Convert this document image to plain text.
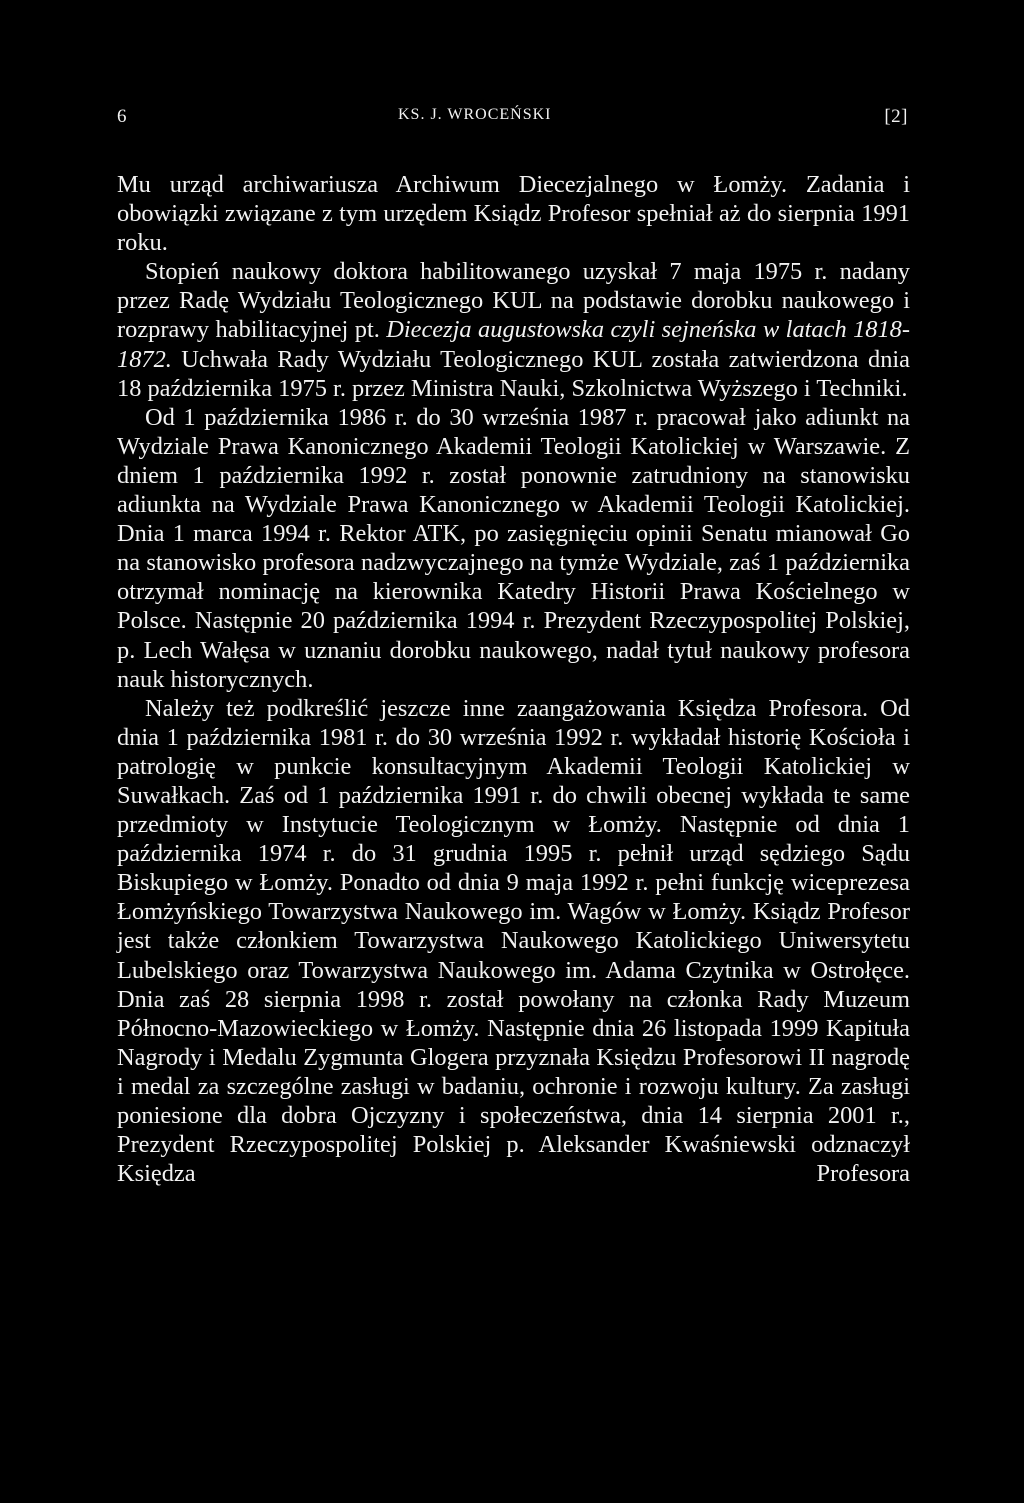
6	KS. J. WROCEŃSKI	[2]

Mu urząd archiwariusza Archiwum Diecezjalnego w Łomży. Zadania i obowiązki związane z tym urzędem Ksiądz Profesor spełniał aż do sierpnia 1991 roku.

Stopień naukowy doktora habilitowanego uzyskał 7 maja 1975 r. nadany przez Radę Wydziału Teologicznego KUL na podstawie dorobku naukowego i rozprawy habilitacyjnej pt. Diecezja augustowska czyli sejneńska w latach 1818-1872. Uchwała Rady Wydziału Teologicznego KUL została zatwierdzona dnia 18 października 1975 r. przez Ministra Nauki, Szkolnictwa Wyższego i Techniki.

Od 1 października 1986 r. do 30 września 1987 r. pracował jako adiunkt na Wydziale Prawa Kanonicznego Akademii Teologii Katolickiej w Warszawie. Z dniem 1 października 1992 r. został ponownie zatrudniony na stanowisku adiunkta na Wydziale Prawa Kanonicznego w Akademii Teologii Katolickiej. Dnia 1 marca 1994 r. Rektor ATK, po zasięgnięciu opinii Senatu mianował Go na stanowisko profesora nadzwyczajnego na tymże Wydziale, zaś 1 października otrzymał nominację na kierownika Katedry Historii Prawa Kościelnego w Polsce. Następnie 20 października 1994 r. Prezydent Rzeczypospolitej Polskiej, p. Lech Wałęsa w uznaniu dorobku naukowego, nadał tytuł naukowy profesora nauk historycznych.

Należy też podkreślić jeszcze inne zaangażowania Księdza Profesora. Od dnia 1 października 1981 r. do 30 września 1992 r. wykładał historię Kościoła i patrologię w punkcie konsultacyjnym Akademii Teologii Katolickiej w Suwałkach. Zaś od 1 października 1991 r. do chwili obecnej wykłada te same przedmioty w Instytucie Teologicznym w Łomży. Następnie od dnia 1 października 1974 r. do 31 grudnia 1995 r. pełnił urząd sędziego Sądu Biskupiego w Łomży. Ponadto od dnia 9 maja 1992 r. pełni funkcję wiceprezesa Łomżyńskiego Towarzystwa Naukowego im. Wagów w Łomży. Ksiądz Profesor jest także członkiem Towarzystwa Naukowego Katolickiego Uniwersytetu Lubelskiego oraz Towarzystwa Naukowego im. Adama Czytnika w Ostrołęce. Dnia zaś 28 sierpnia 1998 r. został powołany na członka Rady Muzeum Północno-Mazowieckiego w Łomży. Następnie dnia 26 listopada 1999 Kapituła Nagrody i Medalu Zygmunta Glogera przyznała Księdzu Profesorowi II nagrodę i medal za szczególne zasługi w badaniu, ochronie i rozwoju kultury. Za zasługi poniesione dla dobra Ojczyzny i społeczeństwa, dnia 14 sierpnia 2001 r., Prezydent Rzeczypospolitej Polskiej p. Aleksander Kwaśniewski odznaczył Księdza Profesora
